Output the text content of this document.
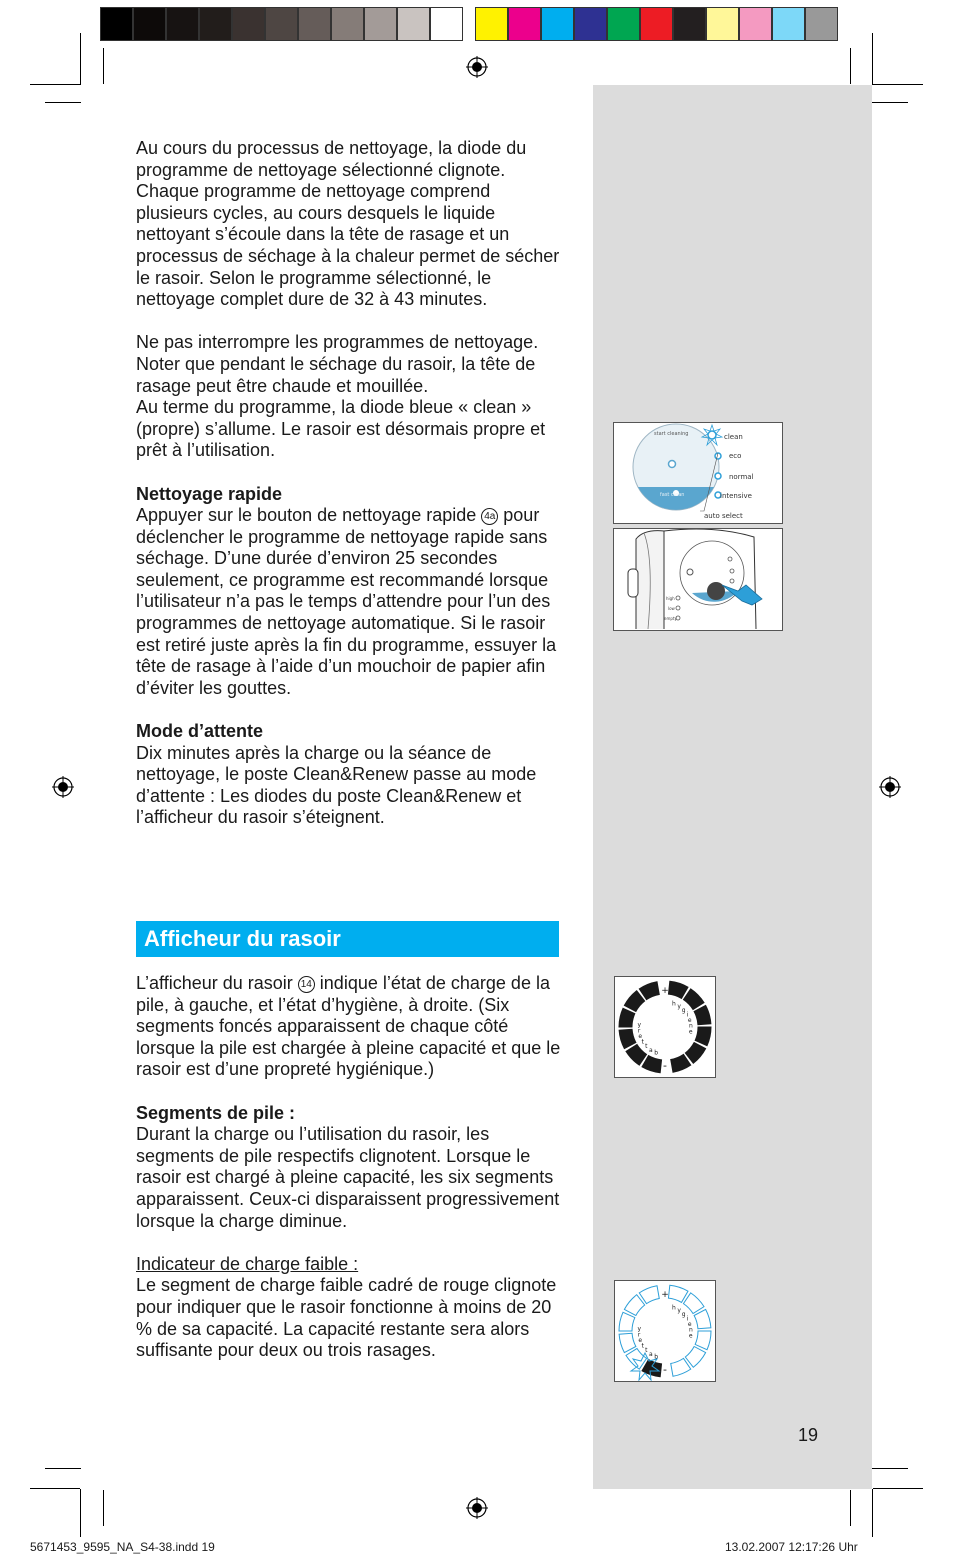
Au cours du processus de nettoyage, la diode du programme de nettoyage sélectionné clignote. Chaque programme de nettoyage comprend plusieurs cycles, au cours desquels le liquide nettoyant s’écoule dans la tête de rasage et un processus de séchage à la chaleur permet de sécher le rasoir. Selon le programme sélectionné, le nettoyage complet dure de 32 à 43 minutes.

Ne pas interrompre les programmes de nettoyage. Noter que pendant le séchage du rasoir, la tête de rasage peut être chaude et mouillée.

Au terme du programme, la diode bleue « clean » (propre) s’allume. Le rasoir est désormais propre et prêt à l’utilisation.

Nettoyage rapide

Appuyer sur le bouton de nettoyage rapide 4a pour déclencher le programme de nettoyage rapide sans séchage. D’une durée d’environ 25 secondes seulement, ce programme est recommandé lorsque l’utilisateur n’a pas le temps d’attendre pour l’un des programmes de nettoyage automatique. Si le rasoir est retiré juste après la fin du programme, essuyer la tête de rasage à l’aide d’un mouchoir de papier afin d’éviter les gouttes.

Mode d’attente

Dix minutes après la charge ou la séance de nettoyage, le poste Clean&Renew passe au mode d’attente : Les diodes du poste Clean&Renew et l’afficheur du rasoir s’éteignent.

Afficheur du rasoir

L’afficheur du rasoir 14 indique l’état de charge de la pile, à gauche, et l’état d’hygiène, à droite. (Six segments foncés apparaissent de chaque côté lorsque la pile est chargée à pleine capacité et que le rasoir est d’une propreté hygiénique.)

Segments de pile :

Durant la charge ou l’utilisation du rasoir, les segments de pile respectifs clignotent. Lorsque le rasoir est chargé à pleine capacité, les six segments apparaissent. Ceux-ci disparaissent progressivement lorsque la charge diminue.

Indicateur de charge faible :

Le segment de charge faible cadré de rouge clignote pour indiquer que le rasoir fonctionne à moins de 20 % de sa capacité. La capacité restante sera alors suffisante pour deux ou trois rasages.

start cleaning
fast clean
clean
eco
normal
intensive
auto select
high
low
empty
+
-
b
a
t
t
e
r
y
h y
g
i
e
n
e
+
-
b
a
t
t
e
r
y
h y
g
i
e
n
e
19
5671453_9595_NA_S4-38.indd 19	13.02.2007 12:17:26 Uhr
